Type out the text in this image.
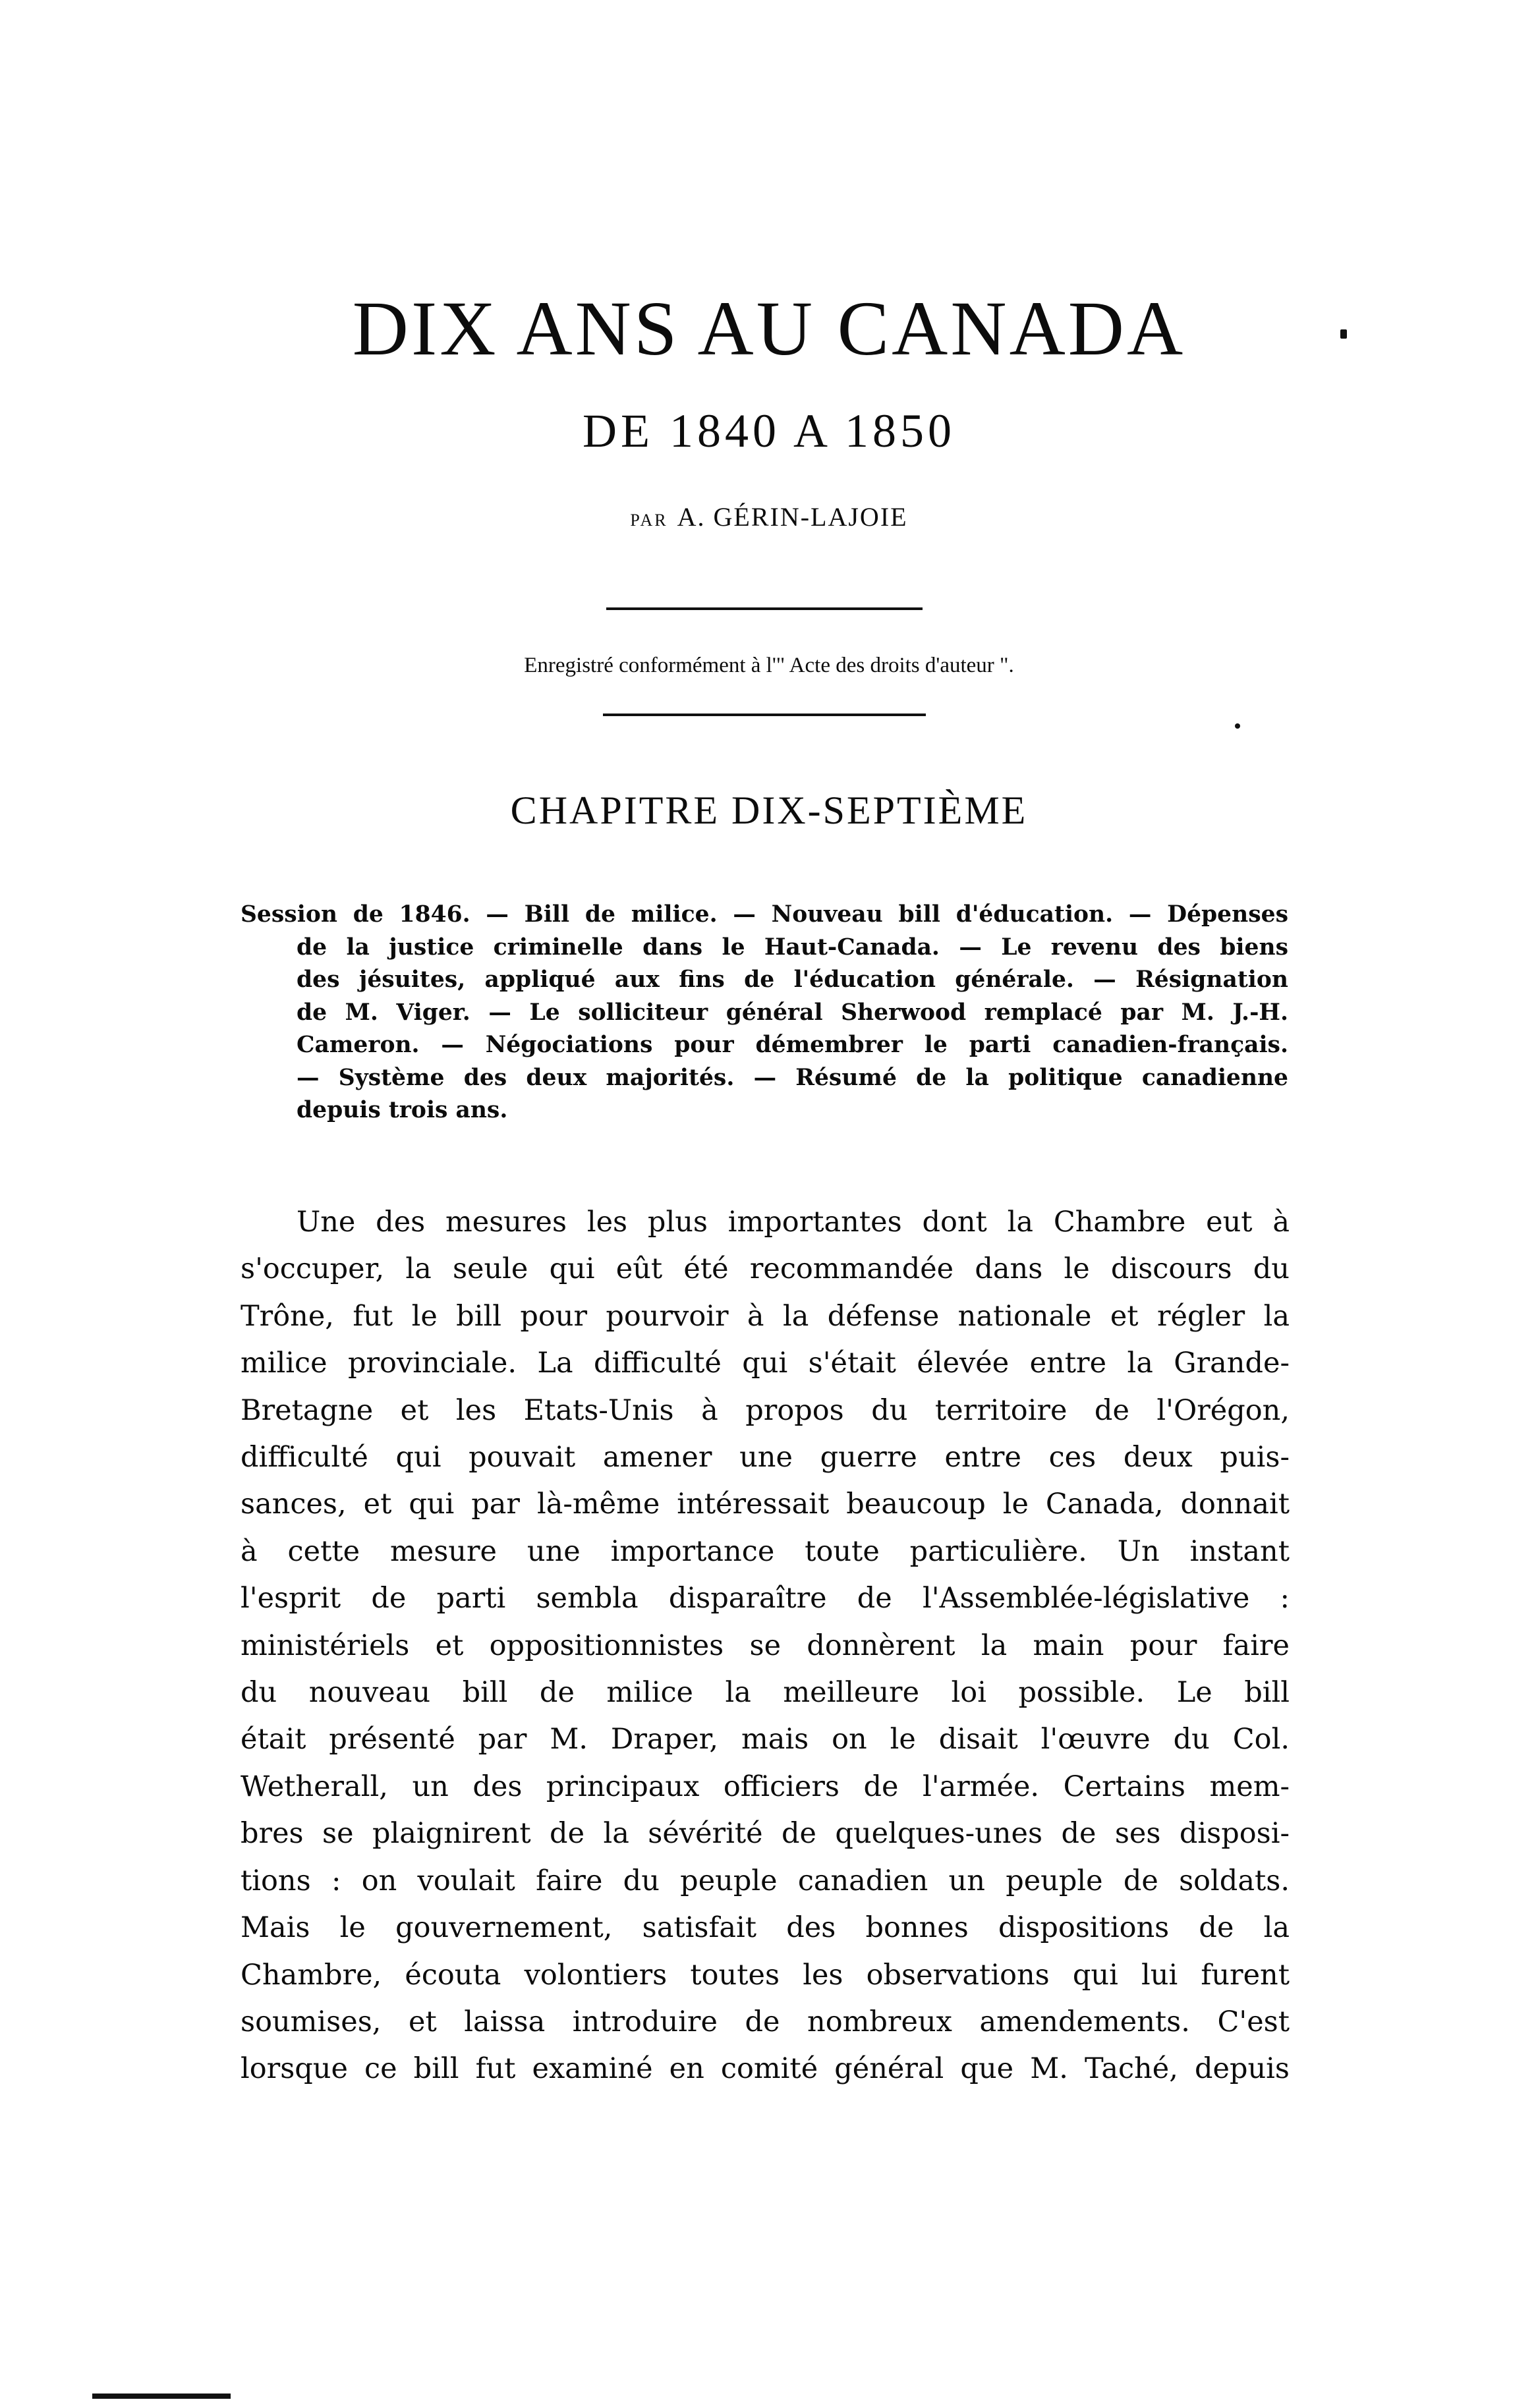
DIX ANS AU CANADA
DE 1840 A 1850
PAR A. GÉRIN-LAJOIE
Enregistré conformément à l'" Acte des droits d'auteur ".
CHAPITRE DIX-SEPTIÈME
Session de 1846. — Bill de milice. — Nouveau bill d'éducation. — Dépenses
de la justice criminelle dans le Haut-Canada. — Le revenu des biens
des jésuites, appliqué aux fins de l'éducation générale. — Résignation
de M. Viger. — Le solliciteur général Sherwood remplacé par M. J.-H.
Cameron. — Négociations pour démembrer le parti canadien-français.
— Système des deux majorités. — Résumé de la politique canadienne
depuis trois ans.
Une des mesures les plus importantes dont la Chambre eut à
s'occuper, la seule qui eût été recommandée dans le discours du
Trône, fut le bill pour pourvoir à la défense nationale et régler la
milice provinciale. La difficulté qui s'était élevée entre la Grande-
Bretagne et les Etats-Unis à propos du territoire de l'Orégon,
difficulté qui pouvait amener une guerre entre ces deux puis-
sances, et qui par là-même intéressait beaucoup le Canada, donnait
à cette mesure une importance toute particulière. Un instant
l'esprit de parti sembla disparaître de l'Assemblée-législative :
ministériels et oppositionnistes se donnèrent la main pour faire
du nouveau bill de milice la meilleure loi possible. Le bill
était présenté par M. Draper, mais on le disait l'œuvre du Col.
Wetherall, un des principaux officiers de l'armée. Certains mem-
bres se plaignirent de la sévérité de quelques-unes de ses disposi-
tions : on voulait faire du peuple canadien un peuple de soldats.
Mais le gouvernement, satisfait des bonnes dispositions de la
Chambre, écouta volontiers toutes les observations qui lui furent
soumises, et laissa introduire de nombreux amendements. C'est
lorsque ce bill fut examiné en comité général que M. Taché, depuis
